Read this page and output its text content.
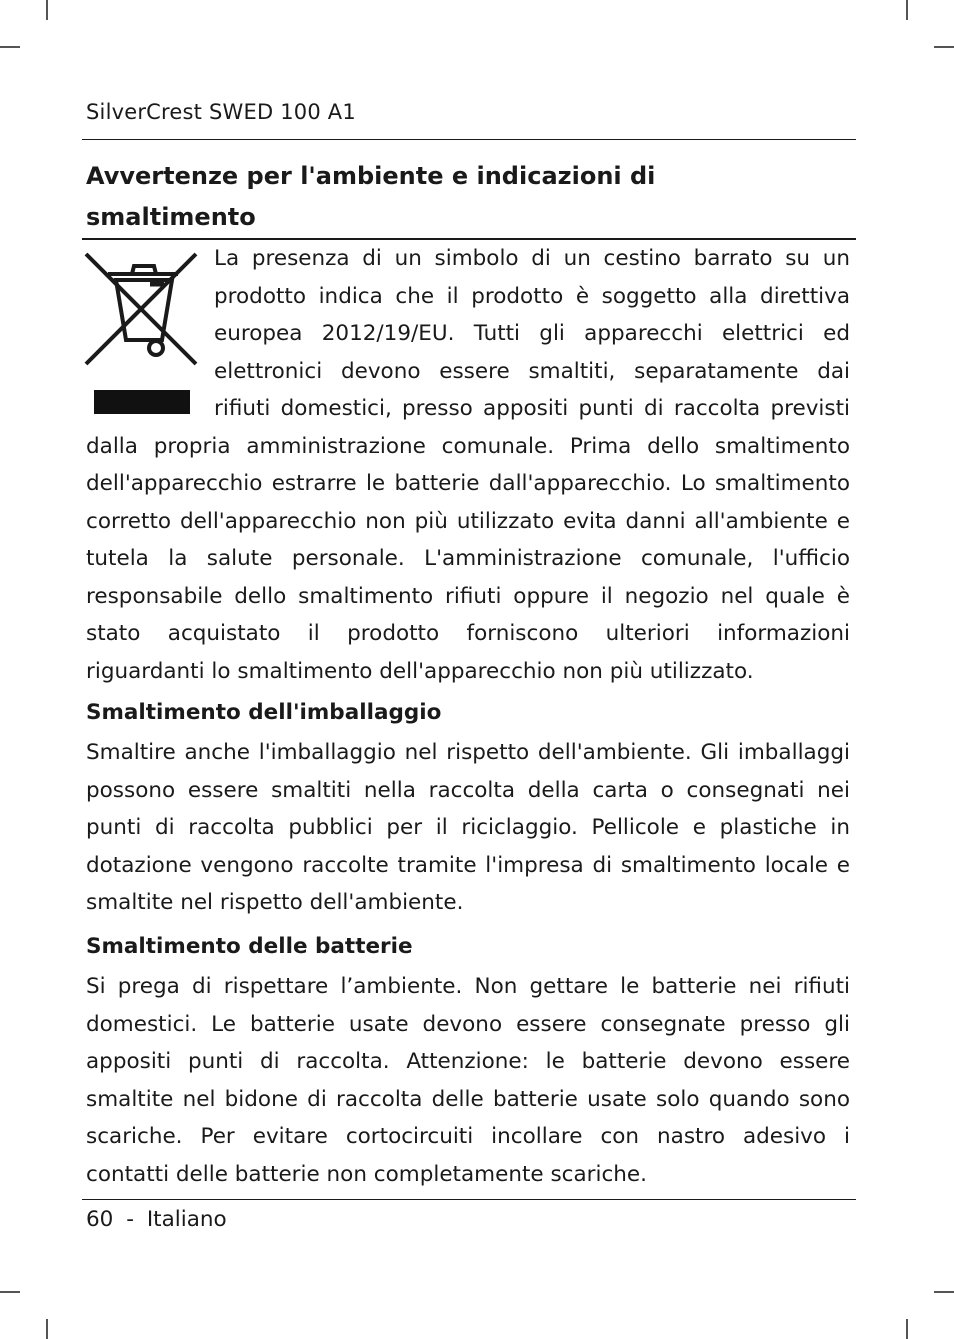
SilverCrest SWED 100 A1
Avvertenze per l'ambiente e indicazioni di smaltimento

La presenza di un simbolo di un cestino barrato su un prodotto indica che il prodotto è soggetto alla direttiva europea 2012/19/EU. Tutti gli apparecchi elettrici ed elettronici devono essere smaltiti, separatamente dai rifiuti domestici, presso appositi punti di raccolta previsti dalla propria amministrazione comunale. Prima dello smaltimento dell'apparecchio estrarre le batterie dall'apparecchio. Lo smaltimento corretto dell'apparecchio non più utilizzato evita danni all'ambiente e tutela la salute personale. L'amministrazione comunale, l'ufficio responsabile dello smaltimento rifiuti oppure il negozio nel quale è stato acquistato il prodotto forniscono ulteriori informazioni riguardanti lo smaltimento dell'apparecchio non più utilizzato.

Smaltimento dell'imballaggio

Smaltire anche l'imballaggio nel rispetto dell'ambiente. Gli imballaggi possono essere smaltiti nella raccolta della carta o consegnati nei punti di raccolta pubblici per il riciclaggio. Pellicole e plastiche in dotazione vengono raccolte tramite l'impresa di smaltimento locale e smaltite nel rispetto dell'ambiente.

Smaltimento delle batterie

Si prega di rispettare l’ambiente. Non gettare le batterie nei rifiuti domestici. Le batterie usate devono essere consegnate presso gli appositi punti di raccolta. Attenzione: le batterie devono essere smaltite nel bidone di raccolta delle batterie usate solo quando sono scariche. Per evitare cortocircuiti incollare con nastro adesivo i contatti delle batterie non completamente scariche.

60 - Italiano
